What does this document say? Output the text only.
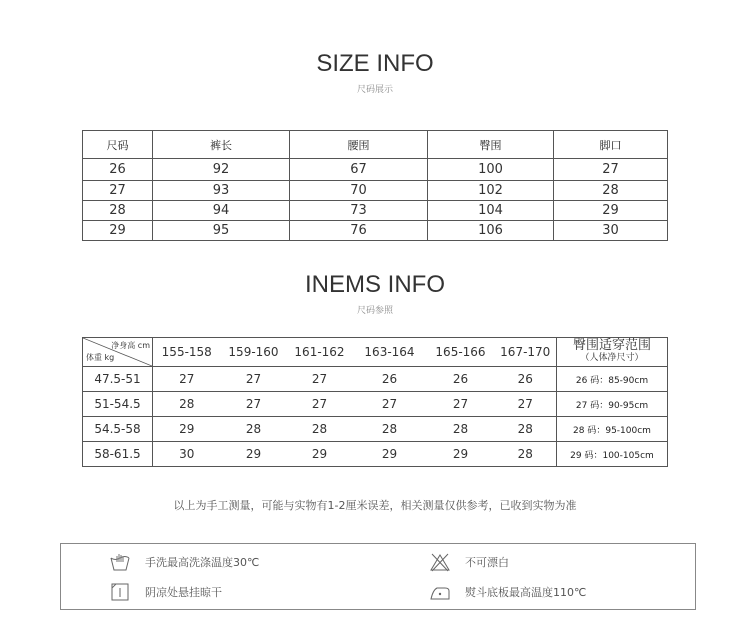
SIZE INFO

尺码展示

尺码	裤长	腰围	臀围	脚口
26	92	67	100	27
27	93	70	102	28
28	94	73	104	29
29	95	76	106	30
INEMS INFO

尺码参照

净身高 cm
体重 kg	155-158	159-160	161-162	163-164	165-166	167-170	臀围适穿范围
（人体净尺寸）

47.5-51	27	27	27	26	26	26	26 码：85-90cm
51-54.5	28	27	27	27	27	27	27 码：90-95cm
54.5-58	29	28	28	28	28	28	28 码：95-100cm
58-61.5	30	29	29	29	29	28	29 码：100-105cm

以上为手工测量，可能与实物有1-2厘米误差，相关测量仅供参考，已收到实物为准

手洗最高洗涤温度30℃	不可漂白
阴凉处悬挂晾干	熨斗底板最高温度110℃
